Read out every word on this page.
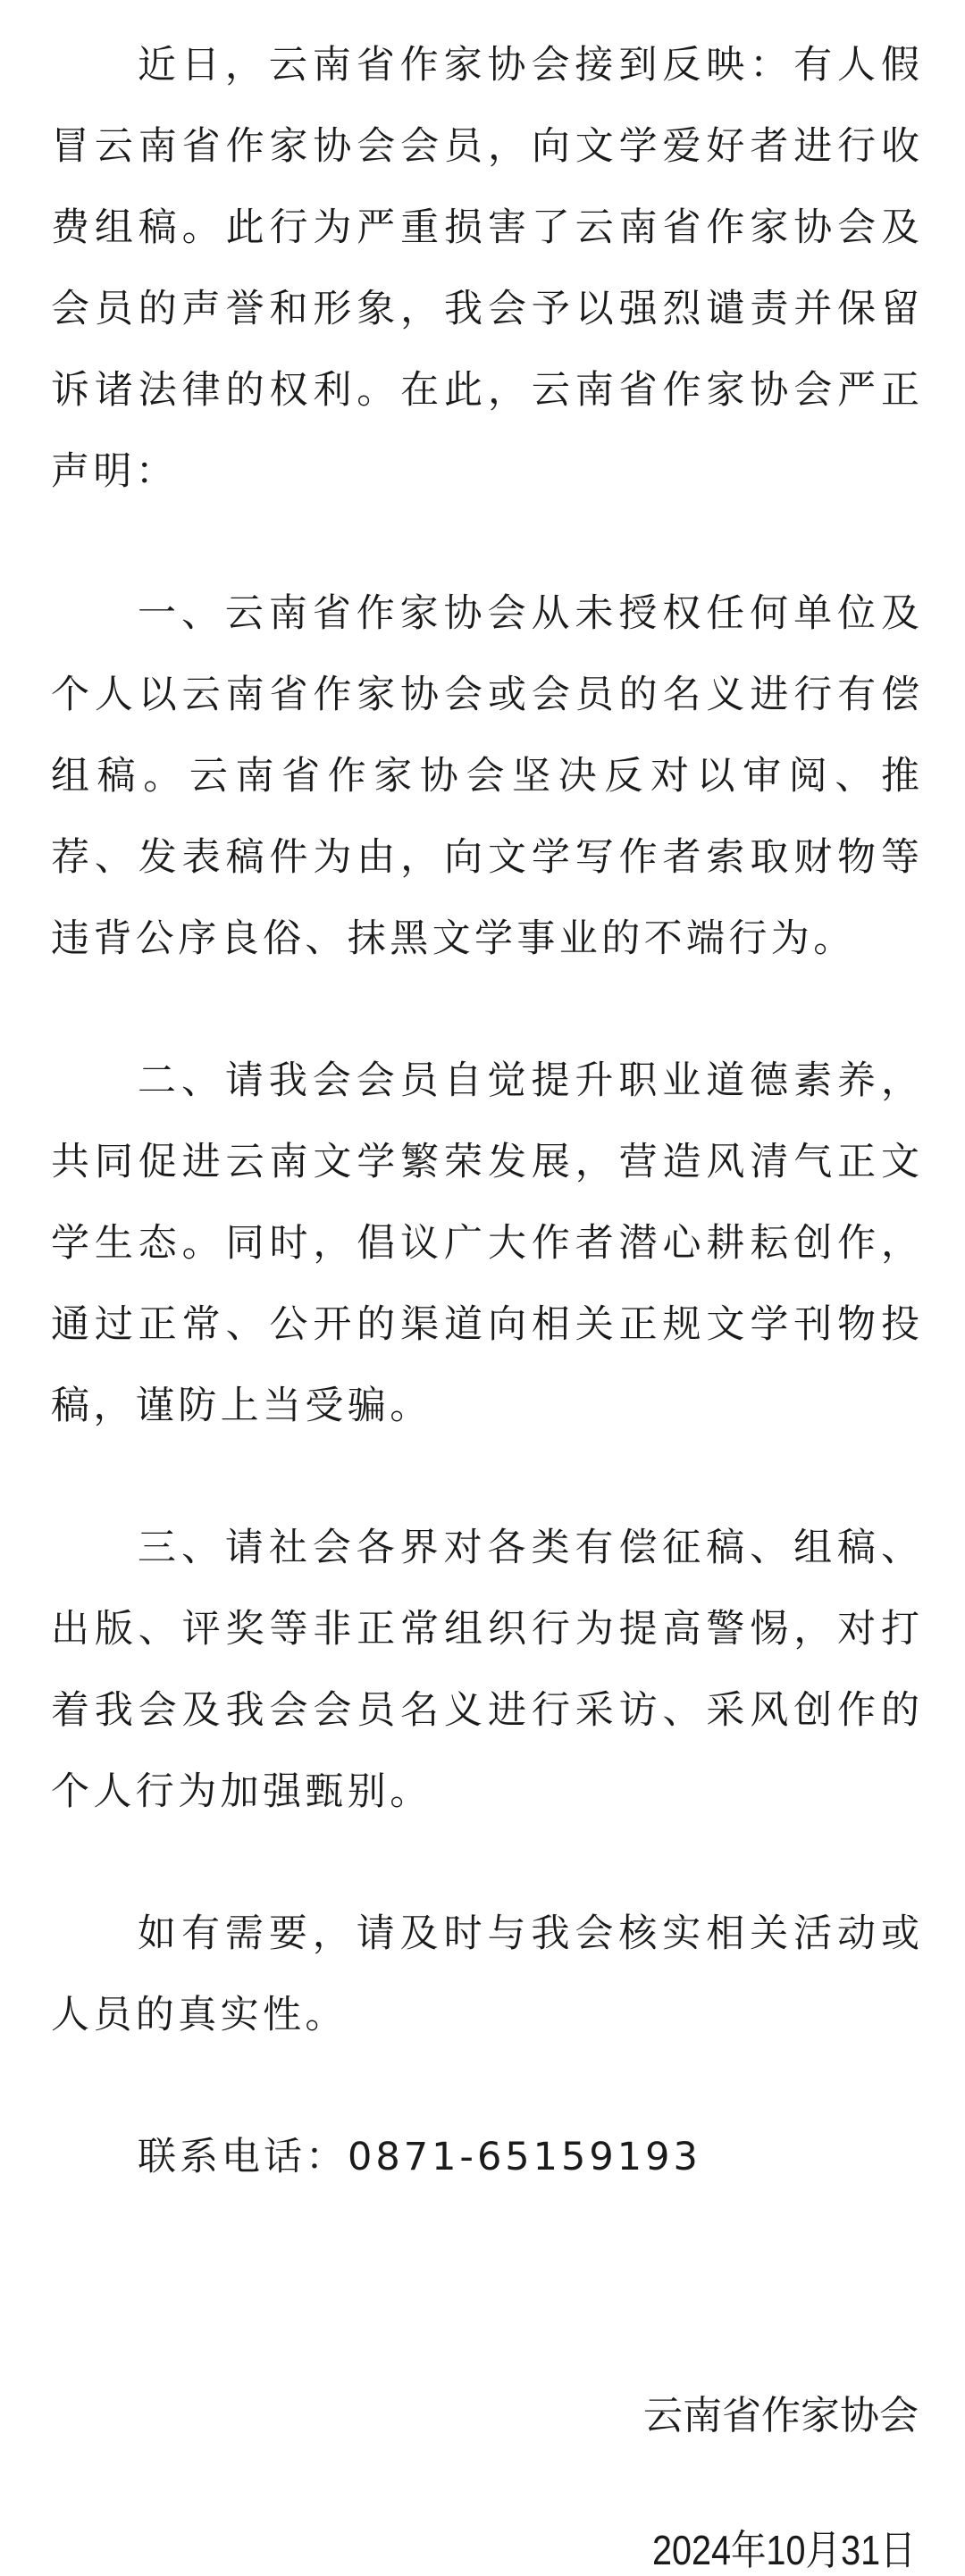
近日，云南省作家协会接到反映：有人假
冒云南省作家协会会员，向文学爱好者进行收
费组稿。此行为严重损害了云南省作家协会及
会员的声誉和形象，我会予以强烈谴责并保留
诉诸法律的权利。在此，云南省作家协会严正
声明：
一、云南省作家协会从未授权任何单位及
个人以云南省作家协会或会员的名义进行有偿
组稿。云南省作家协会坚决反对以审阅、推
荐、发表稿件为由，向文学写作者索取财物等
违背公序良俗、抹黑文学事业的不端行为。
二、请我会会员自觉提升职业道德素养，
共同促进云南文学繁荣发展，营造风清气正文
学生态。同时，倡议广大作者潜心耕耘创作，
通过正常、公开的渠道向相关正规文学刊物投
稿，谨防上当受骗。
三、请社会各界对各类有偿征稿、组稿、
出版、评奖等非正常组织行为提高警惕，对打
着我会及我会会员名义进行采访、采风创作的
个人行为加强甄别。
如有需要，请及时与我会核实相关活动或
人员的真实性。
联系电话：0871-65159193
云南省作家协会
2024年10月31日
